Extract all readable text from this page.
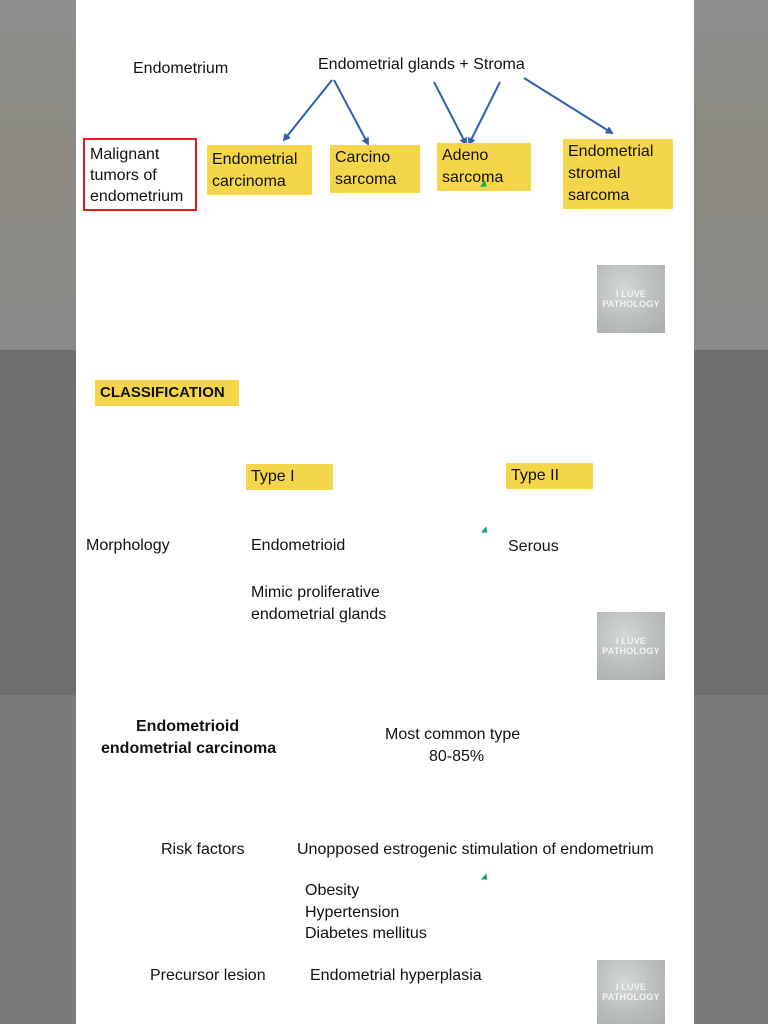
Endometrium	Endometrial glands + Stroma
Malignant
tumors of
endometrium
Endometrial
carcinoma
Carcino
sarcoma
Adeno
sarcoma
Endometrial
stromal
sarcoma
I LUVE
PATHOLOGY
CLASSIFICATION
Type I	Type II
Morphology	Endometrioid	Serous
Mimic proliferative
endometrial glands
I LUVE
PATHOLOGY
Endometrioid
endometrial carcinoma
Most common type
80-85%
Risk factors	Unopposed estrogenic stimulation of endometrium
Obesity
Hypertension
Diabetes mellitus
Precursor lesion	Endometrial hyperplasia
I LUVE
PATHOLOGY
